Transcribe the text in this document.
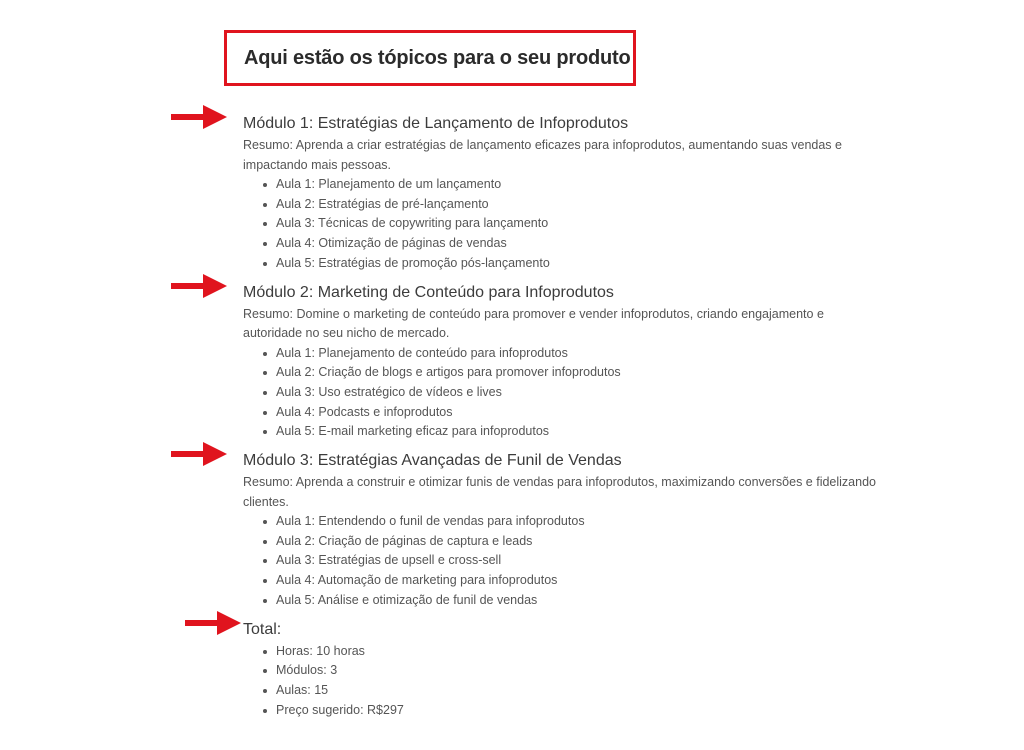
Aqui estão os tópicos para o seu produto
Módulo 1: Estratégias de Lançamento de Infoprodutos

Resumo: Aprenda a criar estratégias de lançamento eficazes para infoprodutos, aumentando suas vendas e impactando mais pessoas.

Aula 1: Planejamento de um lançamento
Aula 2: Estratégias de pré-lançamento
Aula 3: Técnicas de copywriting para lançamento
Aula 4: Otimização de páginas de vendas
Aula 5: Estratégias de promoção pós-lançamento
Módulo 2: Marketing de Conteúdo para Infoprodutos

Resumo: Domine o marketing de conteúdo para promover e vender infoprodutos, criando engajamento e autoridade no seu nicho de mercado.

Aula 1: Planejamento de conteúdo para infoprodutos
Aula 2: Criação de blogs e artigos para promover infoprodutos
Aula 3: Uso estratégico de vídeos e lives
Aula 4: Podcasts e infoprodutos
Aula 5: E-mail marketing eficaz para infoprodutos
Módulo 3: Estratégias Avançadas de Funil de Vendas

Resumo: Aprenda a construir e otimizar funis de vendas para infoprodutos, maximizando conversões e fidelizando clientes.

Aula 1: Entendendo o funil de vendas para infoprodutos
Aula 2: Criação de páginas de captura e leads
Aula 3: Estratégias de upsell e cross-sell
Aula 4: Automação de marketing para infoprodutos
Aula 5: Análise e otimização de funil de vendas
Total:
Horas: 10 horas
Módulos: 3
Aulas: 15
Preço sugerido: R$297
